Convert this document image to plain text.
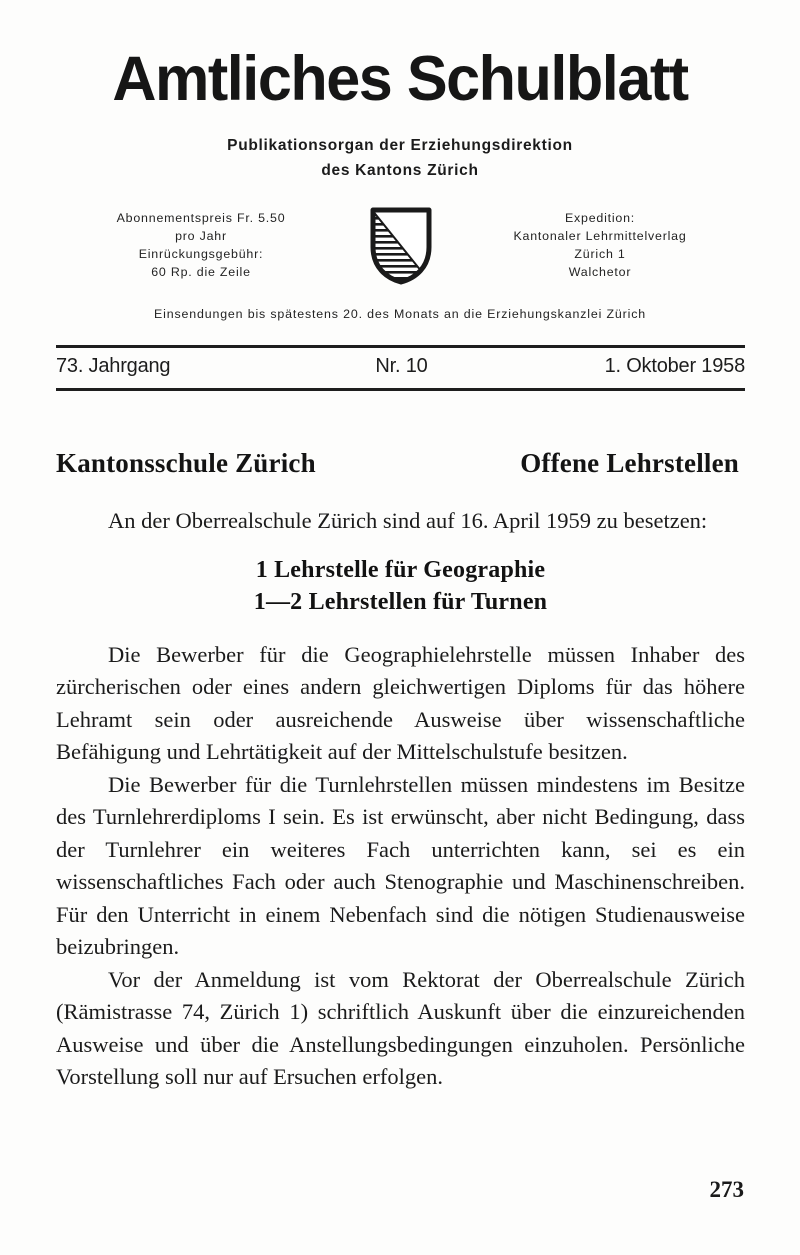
Amtliches Schulblatt
Publikationsorgan der Erziehungsdirektion
des Kantons Zürich
Abonnementspreis Fr. 5.50
pro Jahr
Einrückungsgebühr:
60 Rp. die Zeile
Expedition:
Kantonaler Lehrmittelverlag
Zürich 1
Walchetor
Einsendungen bis spätestens 20. des Monats an die Erziehungskanzlei Zürich
73. Jahrgang	Nr. 10	1. Oktober 1958
Kantonsschule Zürich	Offene Lehrstellen

An der Oberrealschule Zürich sind auf 16. April 1959 zu besetzen:

1 Lehrstelle für Geographie
1—2 Lehrstellen für Turnen

Die Bewerber für die Geographielehrstelle müssen Inhaber des zürcherischen oder eines andern gleichwertigen Diploms für das höhere Lehramt sein oder ausreichende Ausweise über wissenschaftliche Befähigung und Lehrtätigkeit auf der Mittelschulstufe besitzen.

Die Bewerber für die Turnlehrstellen müssen mindestens im Besitze des Turnlehrerdiploms I sein. Es ist erwünscht, aber nicht Bedingung, dass der Turnlehrer ein weiteres Fach unterrichten kann, sei es ein wissenschaftliches Fach oder auch Stenographie und Maschinenschreiben. Für den Unterricht in einem Nebenfach sind die nötigen Studienausweise beizubringen.

Vor der Anmeldung ist vom Rektorat der Oberrealschule Zürich (Rämistrasse 74, Zürich 1) schriftlich Auskunft über die einzureichenden Ausweise und über die Anstellungsbedingungen einzuholen. Persönliche Vorstellung soll nur auf Ersuchen erfolgen.

273
